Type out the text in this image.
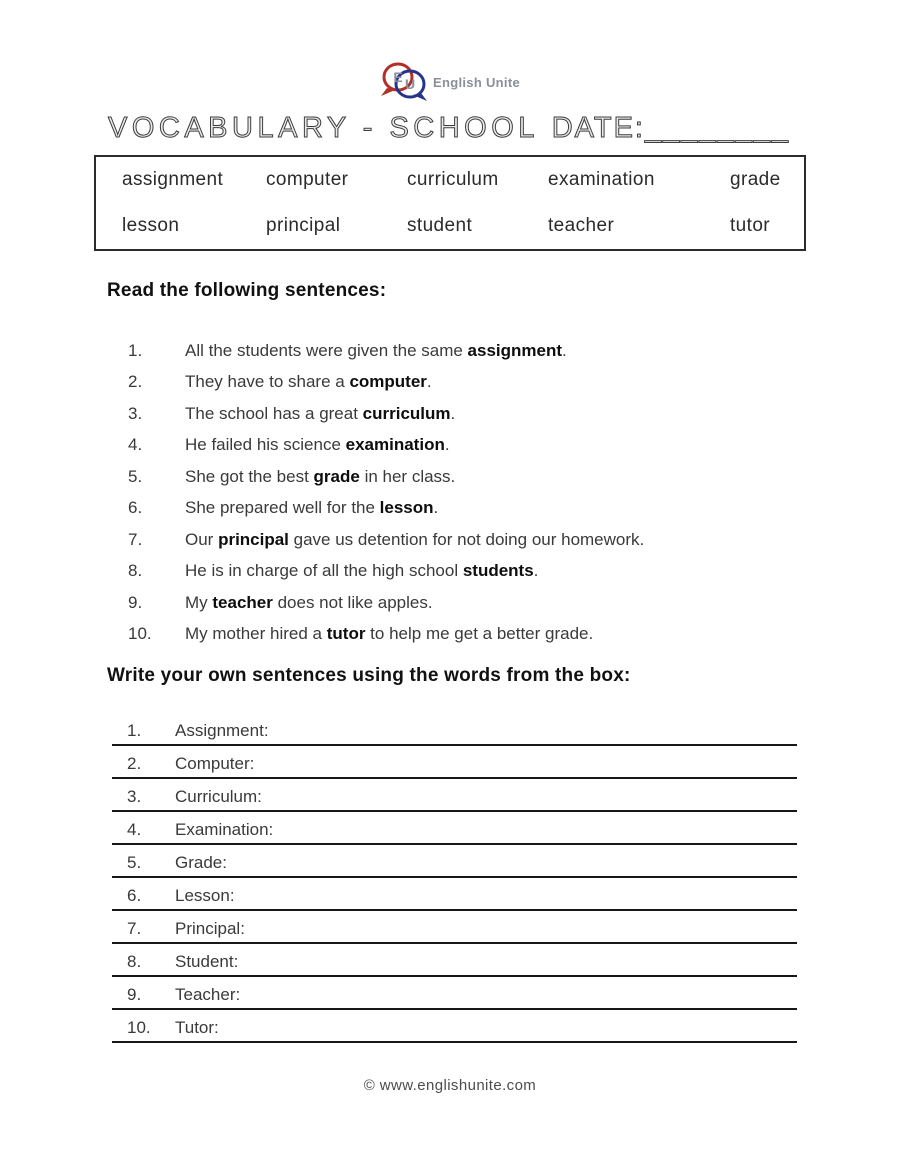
E U English Unite
VOCABULARY - SCHOOL DATE:________
assignment	computer	curriculum	examination	grade
lesson	principal	student	teacher	tutor
Read the following sentences:
1.	All the students were given the same assignment.
2.	They have to share a computer.
3.	The school has a great curriculum.
4.	He failed his science examination.
5.	She got the best grade in her class.
6.	She prepared well for the lesson.
7.	Our principal gave us detention for not doing our homework.
8.	He is in charge of all the high school students.
9.	My teacher does not like apples.
10.	My mother hired a tutor to help me get a better grade.
Write your own sentences using the words from the box:
1.	Assignment:
2.	Computer:
3.	Curriculum:
4.	Examination:
5.	Grade:
6.	Lesson:
7.	Principal:
8.	Student:
9.	Teacher:
10.	Tutor:
© www.englishunite.com
